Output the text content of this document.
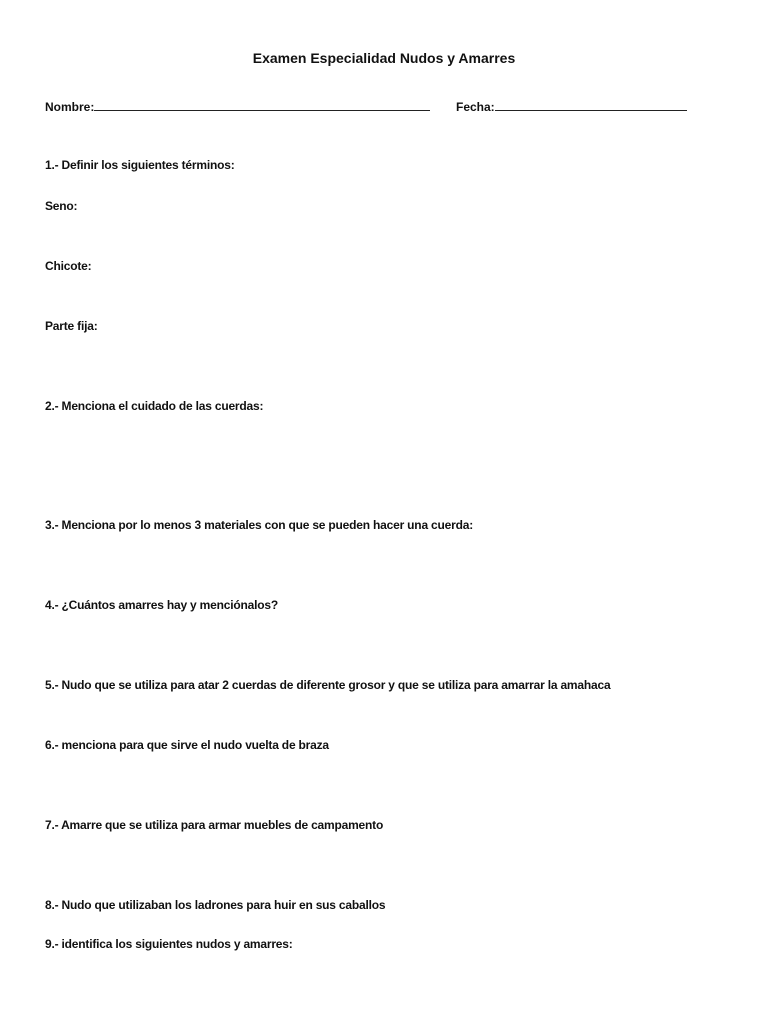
Examen Especialidad Nudos y Amarres
Nombre:	Fecha:
1.- Definir los siguientes términos:
Seno:
Chicote:
Parte fija:
2.- Menciona el cuidado de las cuerdas:
3.- Menciona por lo menos 3 materiales con que se pueden hacer una cuerda:
4.- ¿Cuántos amarres hay y menciónalos?
5.- Nudo que se utiliza para atar 2 cuerdas de diferente grosor y que se utiliza para amarrar la amahaca
6.- menciona para que sirve el nudo vuelta de braza
7.- Amarre que se utiliza para armar muebles de campamento
8.- Nudo que utilizaban los ladrones para huir en sus caballos
9.- identifica los siguientes nudos y amarres:
